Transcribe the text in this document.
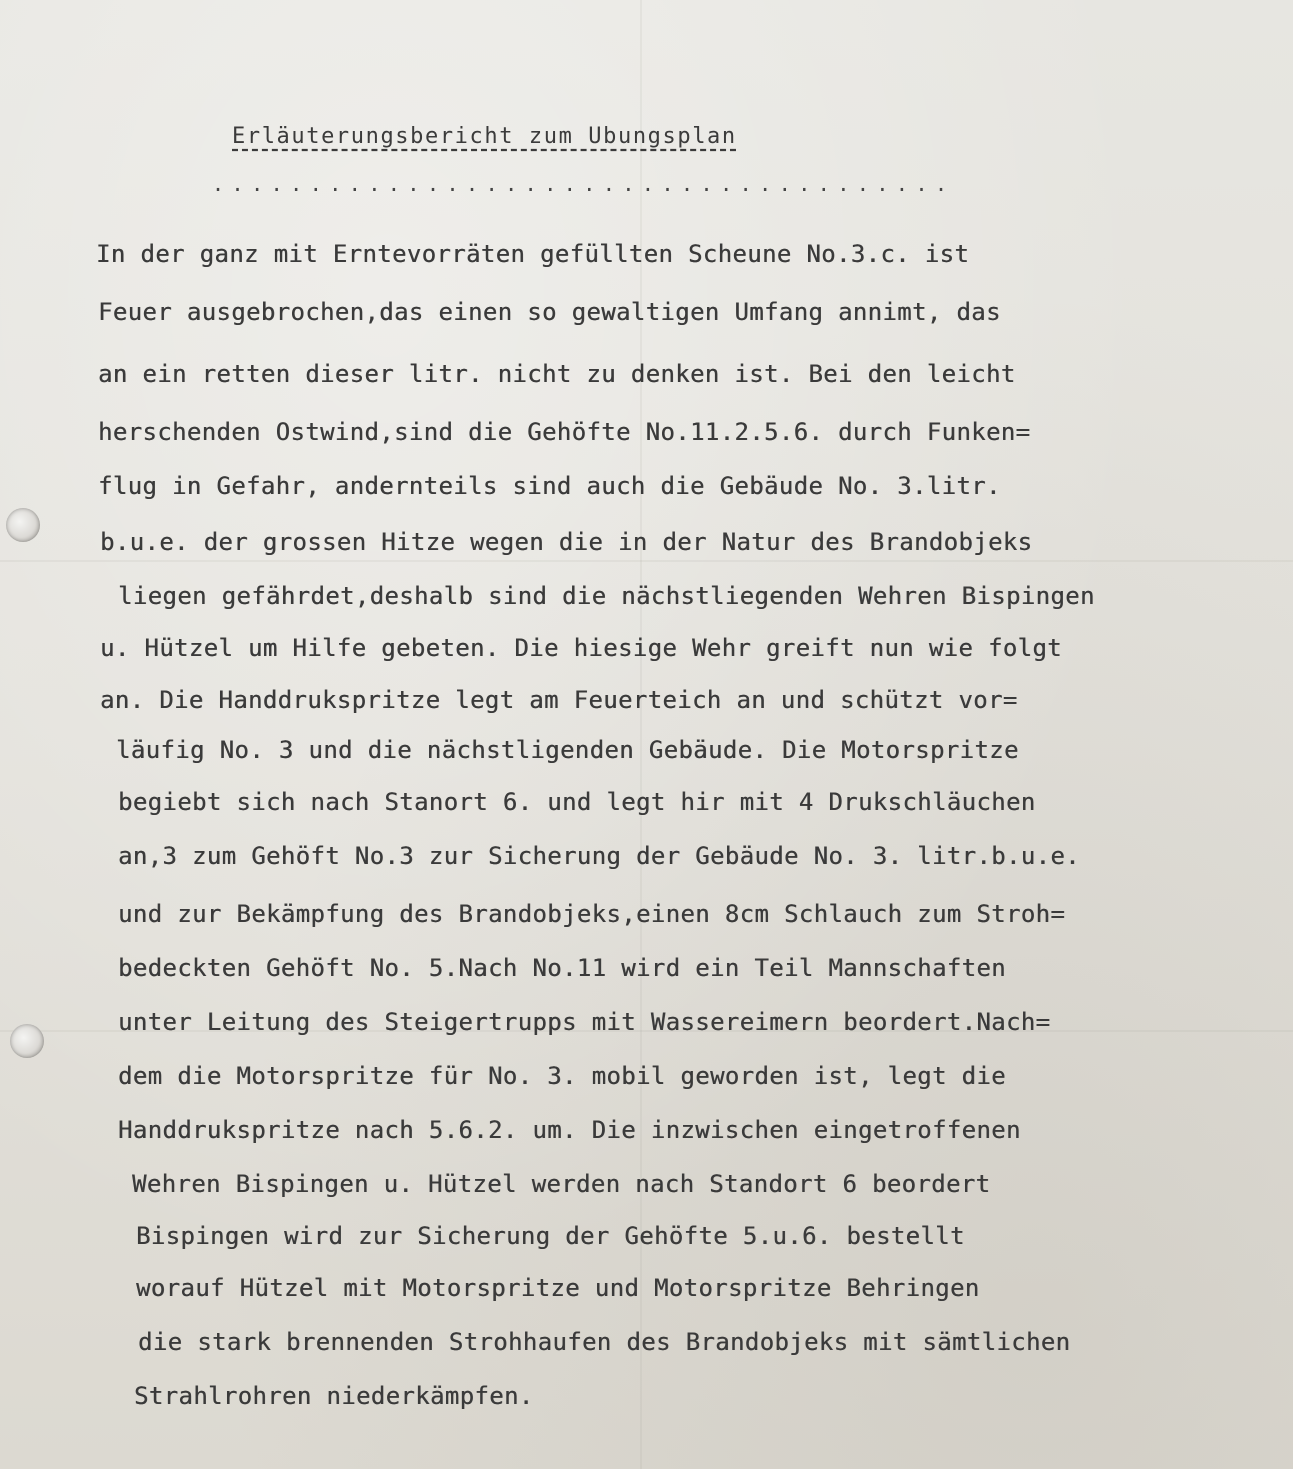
Erläuterungsbericht zum Ubungsplan
......................................
In der ganz mit Erntevorräten gefüllten Scheune No.3.c. ist
Feuer ausgebrochen,das einen so gewaltigen Umfang annimt, das
an ein retten dieser litr. nicht zu denken ist. Bei den leicht
herschenden Ostwind,sind die Gehöfte No.11.2.5.6. durch Funken=
flug in Gefahr, andernteils sind auch die Gebäude No. 3.litr.
b.u.e. der grossen Hitze wegen die in der Natur des Brandobjeks
liegen gefährdet,deshalb sind die nächstliegenden Wehren Bispingen
u. Hützel um Hilfe gebeten. Die hiesige Wehr greift nun wie folgt
an. Die Handdrukspritze legt am Feuerteich an und schützt vor=
läufig No. 3 und die nächstligenden Gebäude. Die Motorspritze
begiebt sich nach Stanort 6. und legt hir mit 4 Drukschläuchen
an,3 zum Gehöft No.3 zur Sicherung der Gebäude No. 3. litr.b.u.e.
und zur Bekämpfung des Brandobjeks,einen 8cm Schlauch zum Stroh=
bedeckten Gehöft No. 5.Nach No.11 wird ein Teil Mannschaften
unter Leitung des Steigertrupps mit Wassereimern beordert.Nach=
dem die Motorspritze für No. 3. mobil geworden ist, legt die
Handdrukspritze nach 5.6.2. um. Die inzwischen eingetroffenen
Wehren Bispingen u. Hützel werden nach Standort 6 beordert
Bispingen wird zur Sicherung der Gehöfte 5.u.6. bestellt
worauf Hützel mit Motorspritze und Motorspritze Behringen
die stark brennenden Strohhaufen des Brandobjeks mit sämtlichen
Strahlrohren niederkämpfen.
